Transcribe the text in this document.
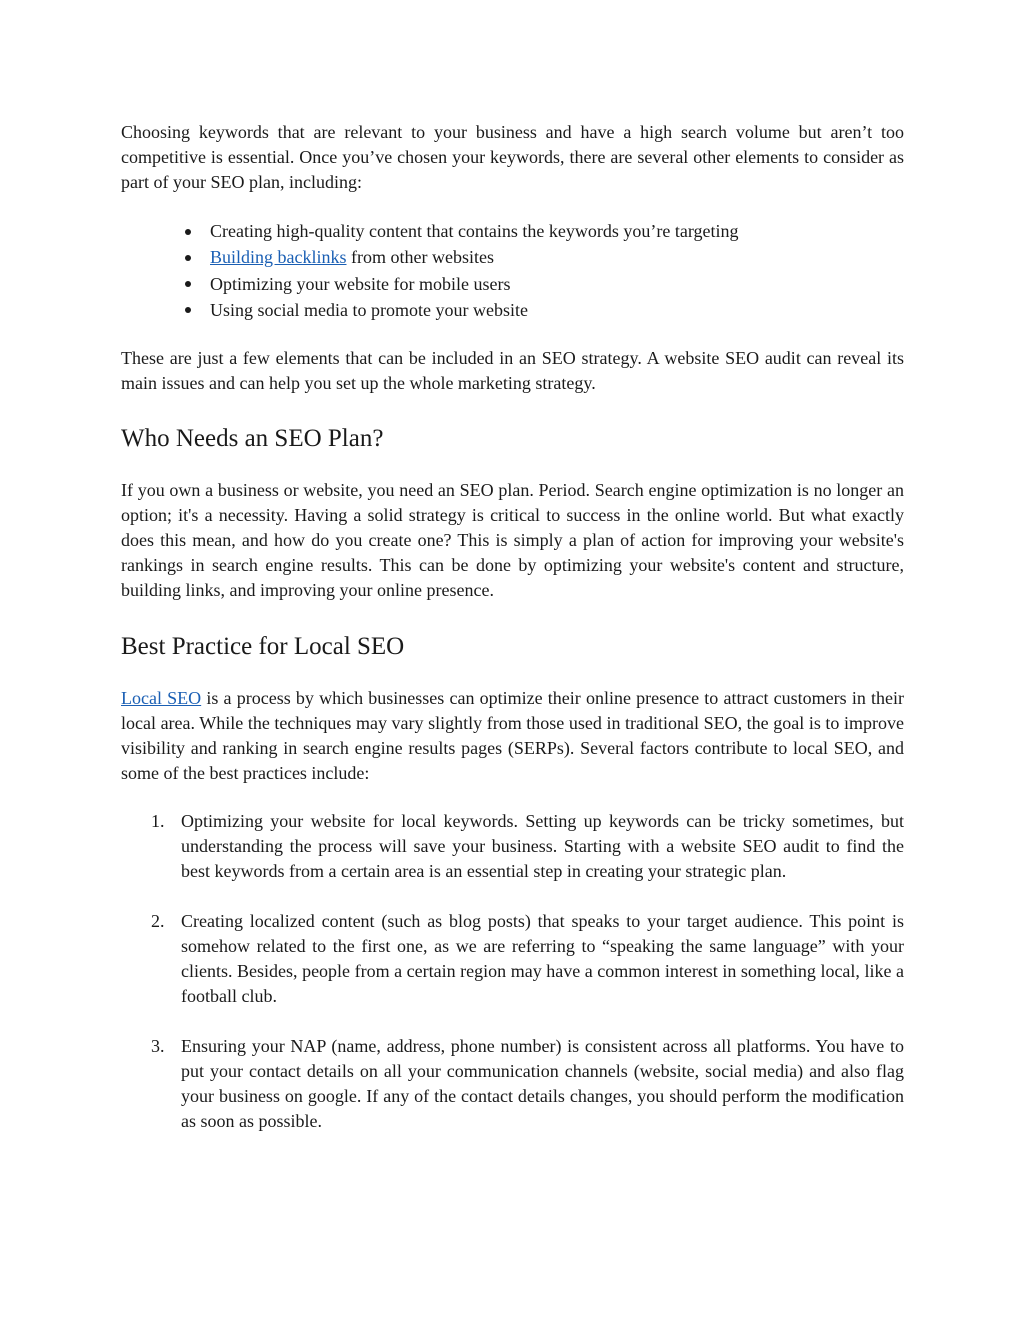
Choosing keywords that are relevant to your business and have a high search volume but aren’t too competitive is essential. Once you’ve chosen your keywords, there are several other elements to consider as part of your SEO plan, including:

Creating high-quality content that contains the keywords you’re targeting
Building backlinks from other websites
Optimizing your website for mobile users
Using social media to promote your website

These are just a few elements that can be included in an SEO strategy. A website SEO audit can reveal its main issues and can help you set up the whole marketing strategy.

Who Needs an SEO Plan?

If you own a business or website, you need an SEO plan. Period. Search engine optimization is no longer an option; it's a necessity. Having a solid strategy is critical to success in the online world. But what exactly does this mean, and how do you create one? This is simply a plan of action for improving your website's rankings in search engine results. This can be done by optimizing your website's content and structure, building links, and improving your online presence.

Best Practice for Local SEO

Local SEO is a process by which businesses can optimize their online presence to attract customers in their local area. While the techniques may vary slightly from those used in traditional SEO, the goal is to improve visibility and ranking in search engine results pages (SERPs). Several factors contribute to local SEO, and some of the best practices include:

1. Optimizing your website for local keywords. Setting up keywords can be tricky sometimes, but understanding the process will save your business. Starting with a website SEO audit to find the best keywords from a certain area is an essential step in creating your strategic plan.
2. Creating localized content (such as blog posts) that speaks to your target audience. This point is somehow related to the first one, as we are referring to “speaking the same language” with your clients. Besides, people from a certain region may have a common interest in something local, like a football club.
3. Ensuring your NAP (name, address, phone number) is consistent across all platforms. You have to put your contact details on all your communication channels (website, social media) and also flag your business on google. If any of the contact details changes, you should perform the modification as soon as possible.
